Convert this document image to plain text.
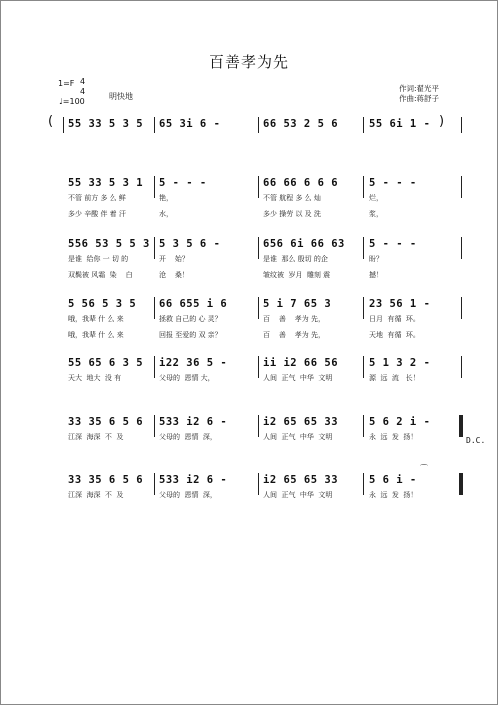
百善孝为先
1=F 4
4
♩=100
明快地
作词:翟光平
作曲:蒋舒子
(	)
55 33 5 3 5 65 3i 6 -	66 53 2 5 6	55 6i 1 -
55 33 5 3 1 5 - - -	66 66 6 6 6	5 - - -
不管 前方 多 么 鲜	艳，	不管 航程 多 么 灿	烂，
多少 辛酸 伴 着 汗	水，	多少 操劳 以 及 洗	浆，
556 53 5 5 3 5 3 5 6 -	656 6i 66 63 5 - - -
是谁  给你 一 切 的	开    始？	是谁  那么 殷切 的企	盼？
双鬓被 风霜  染    白	沧    桑！	皱纹被  岁月  雕刻 震	撼！
5 56 5 3 5 66 655 i 6	5 i 7 65 3	23 56 1 -
哦，我辈 什 么 来	拯救 自己的 心 灵？	百    善    孝为 先，	日月  有循  环。
哦，我辈 什 么 来	回报 至爱的 双 亲？	百    善    孝为 先，	天地  有循  环。
55 65 6 3 5 i22 36 5 -	ii i2 66 56	5 1 3 2 -
天大  地大  没 有	父母的  恩情 大，	人间  正气  中华  文明	源  远  流   长！
33 35 6 5 6 533 i2 6 -	i2 65 65 33	5 6 2 i -
江深  海深  不  及	父母的  恩情  深，	人间  正气  中华  文明	永  远  发  扬！	D.C.
33 35 6 5 6 533 i2 6 -	i2 65 65 33	5 6 i -
江深  海深  不  及	父母的  恩情  深，	人间  正气  中华  文明	永  远  发  扬！
⌒
